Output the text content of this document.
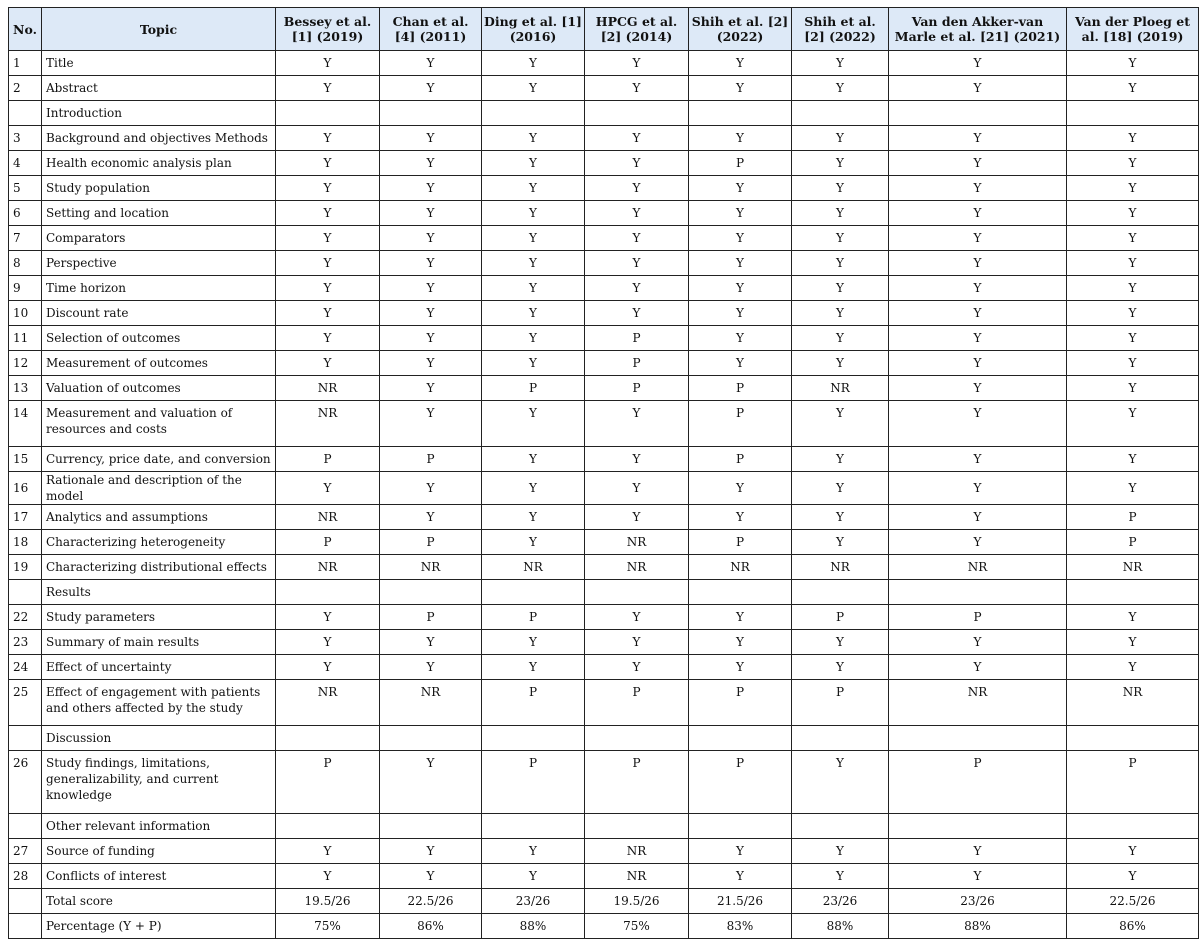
No.	Topic	Bessey et al. [1] (2019)	Chan et al. [4] (2011)	Ding et al. [1] (2016)	HPCG et al. [2] (2014)	Shih et al. [2] (2022)	Shih et al. [2] (2022)	Van den Akker-van Marle et al. [21] (2021)	Van der Ploeg et al. [18] (2019)
1	Title	Y	Y	Y	Y	Y	Y	Y	Y
2	Abstract	Y	Y	Y	Y	Y	Y	Y	Y
	Introduction								
3	Background and objectives Methods	Y	Y	Y	Y	Y	Y	Y	Y
4	Health economic analysis plan	Y	Y	Y	Y	P	Y	Y	Y
5	Study population	Y	Y	Y	Y	Y	Y	Y	Y
6	Setting and location	Y	Y	Y	Y	Y	Y	Y	Y
7	Comparators	Y	Y	Y	Y	Y	Y	Y	Y
8	Perspective	Y	Y	Y	Y	Y	Y	Y	Y
9	Time horizon	Y	Y	Y	Y	Y	Y	Y	Y
10	Discount rate	Y	Y	Y	Y	Y	Y	Y	Y
11	Selection of outcomes	Y	Y	Y	P	Y	Y	Y	Y
12	Measurement of outcomes	Y	Y	Y	P	Y	Y	Y	Y
13	Valuation of outcomes	NR	Y	P	P	P	NR	Y	Y
14	Measurement and valuation of resources and costs	NR	Y	Y	Y	P	Y	Y	Y
15	Currency, price date, and conversion	P	P	Y	Y	P	Y	Y	Y
16	Rationale and description of the model	Y	Y	Y	Y	Y	Y	Y	Y
17	Analytics and assumptions	NR	Y	Y	Y	Y	Y	Y	P
18	Characterizing heterogeneity	P	P	Y	NR	P	Y	Y	P
19	Characterizing distributional effects	NR	NR	NR	NR	NR	NR	NR	NR
	Results								
22	Study parameters	Y	P	P	Y	Y	P	P	Y
23	Summary of main results	Y	Y	Y	Y	Y	Y	Y	Y
24	Effect of uncertainty	Y	Y	Y	Y	Y	Y	Y	Y
25	Effect of engagement with patients and others affected by the study	NR	NR	P	P	P	P	NR	NR
	Discussion								
26	Study findings, limitations, generalizability, and current knowledge	P	Y	P	P	P	Y	P	P
	Other relevant information								
27	Source of funding	Y	Y	Y	NR	Y	Y	Y	Y
28	Conflicts of interest	Y	Y	Y	NR	Y	Y	Y	Y
	Total score	19.5/26	22.5/26	23/26	19.5/26	21.5/26	23/26	23/26	22.5/26
	Percentage (Y + P)	75%	86%	88%	75%	83%	88%	88%	86%
